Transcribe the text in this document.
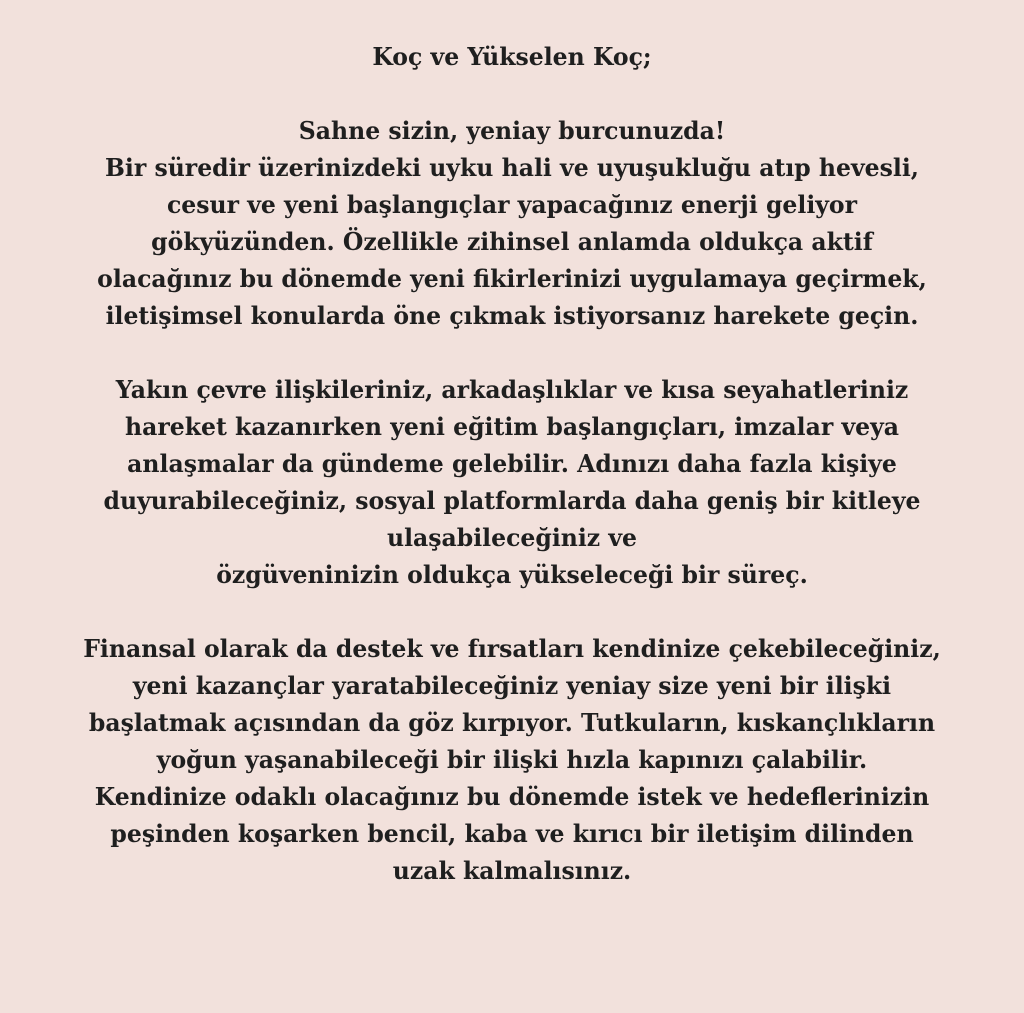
Koç ve Yükselen Koç;
Sahne sizin, yeniay burcunuzda!
Bir süredir üzerinizdeki uyku hali ve uyuşukluğu atıp hevesli,
cesur ve yeni başlangıçlar yapacağınız enerji geliyor
gökyüzünden. Özellikle zihinsel anlamda oldukça aktif
olacağınız bu dönemde yeni fikirlerinizi uygulamaya geçirmek,
iletişimsel konularda öne çıkmak istiyorsanız harekete geçin.
Yakın çevre ilişkileriniz, arkadaşlıklar ve kısa seyahatleriniz
hareket kazanırken yeni eğitim başlangıçları, imzalar veya
anlaşmalar da gündeme gelebilir. Adınızı daha fazla kişiye
duyurabileceğiniz, sosyal platformlarda daha geniş bir kitleye
ulaşabileceğiniz ve
özgüveninizin oldukça yükseleceği bir süreç.
Finansal olarak da destek ve fırsatları kendinize çekebileceğiniz,
yeni kazançlar yaratabileceğiniz yeniay size yeni bir ilişki
başlatmak açısından da göz kırpıyor. Tutkuların, kıskançlıkların
yoğun yaşanabileceği bir ilişki hızla kapınızı çalabilir.
Kendinize odaklı olacağınız bu dönemde istek ve hedeflerinizin
peşinden koşarken bencil, kaba ve kırıcı bir iletişim dilinden
uzak kalmalısınız.
